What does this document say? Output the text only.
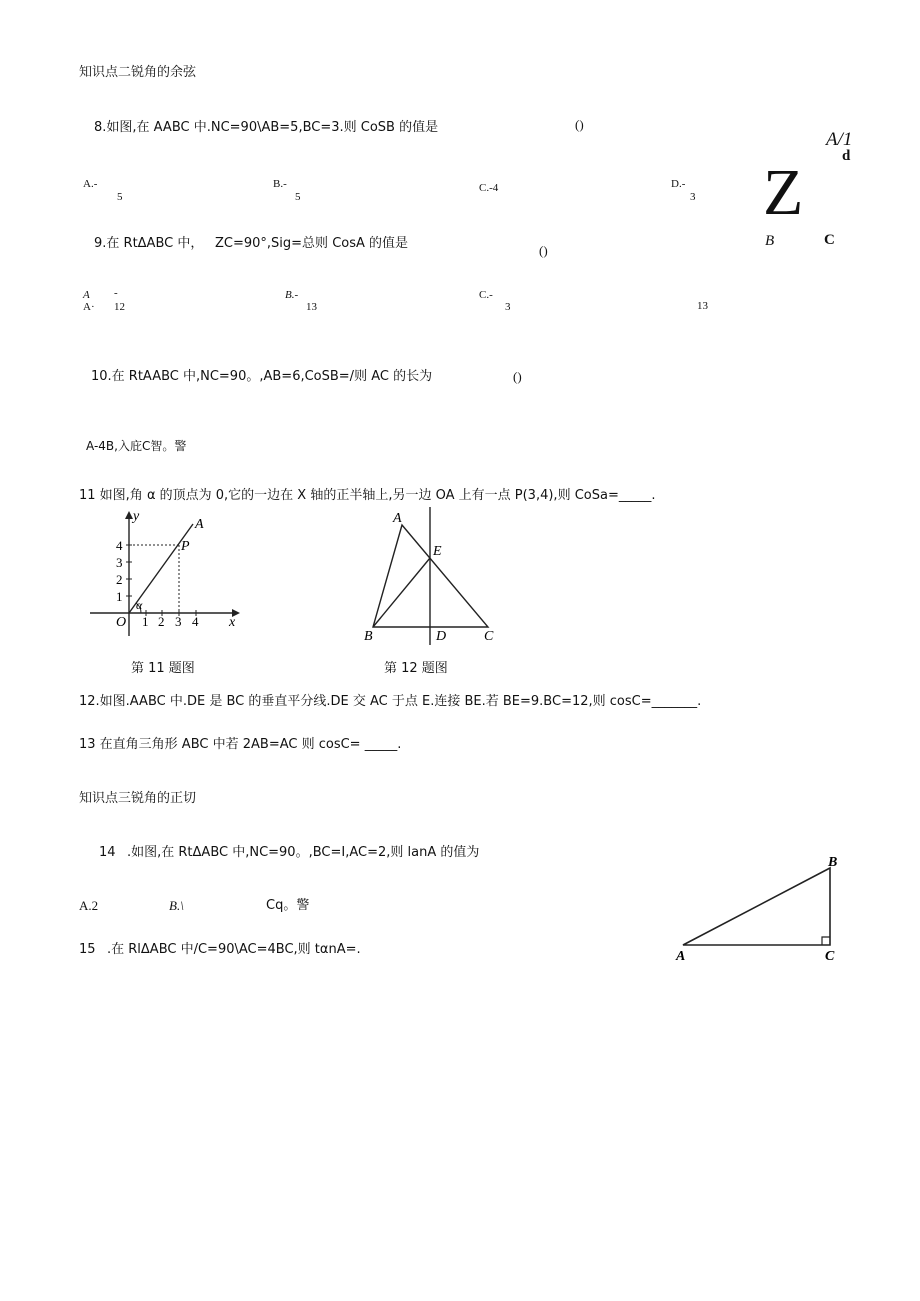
知识点二锐角的余弦
8.如图,在 AABC 中.NC=90\AB=5,BC=3.则 CoSB 的值是	()
A.-
5
B.-
5
C.-4	D.-
3
A/1
d
Z
B	C
9.在 RtΔABC 中， ZC=90°,Sig=总则 CosA 的值是	()
A -
A· 12
B.-
13
C.-
3	13
10.在 RtAABC 中,NC=90。,AB=6,CoSB=/则 AC 的长为	()
A-4B,入庇C智。警
11 如图,角 α 的顶点为 0,它的一边在 X 轴的正半轴上,另一边 OA 上有一点 P(3,4),则 CoSa=_____.
y
x
O
A
P
α
1 2 3 4
1
2
3
4
第 11 题图
A
E
B	D	C
第 12 题图
12.如图.AABC 中.DE 是 BC 的垂直平分线.DE 交 AC 于点 E.连接 BE.若 BE=9.BC=12,则 cosC=_______.
13 在直角三角形 ABC 中若 2AB=AC 则 cosC= _____.
知识点三锐角的正切
14 .如图,在 RtΔABC 中,NC=90。,BC=I,AC=2,则 lanA 的值为
A.2	B.\	Cq。警
A
B
C
15 .在 RlΔABC 中/C=90\AC=4BC,则 tαnA=.
